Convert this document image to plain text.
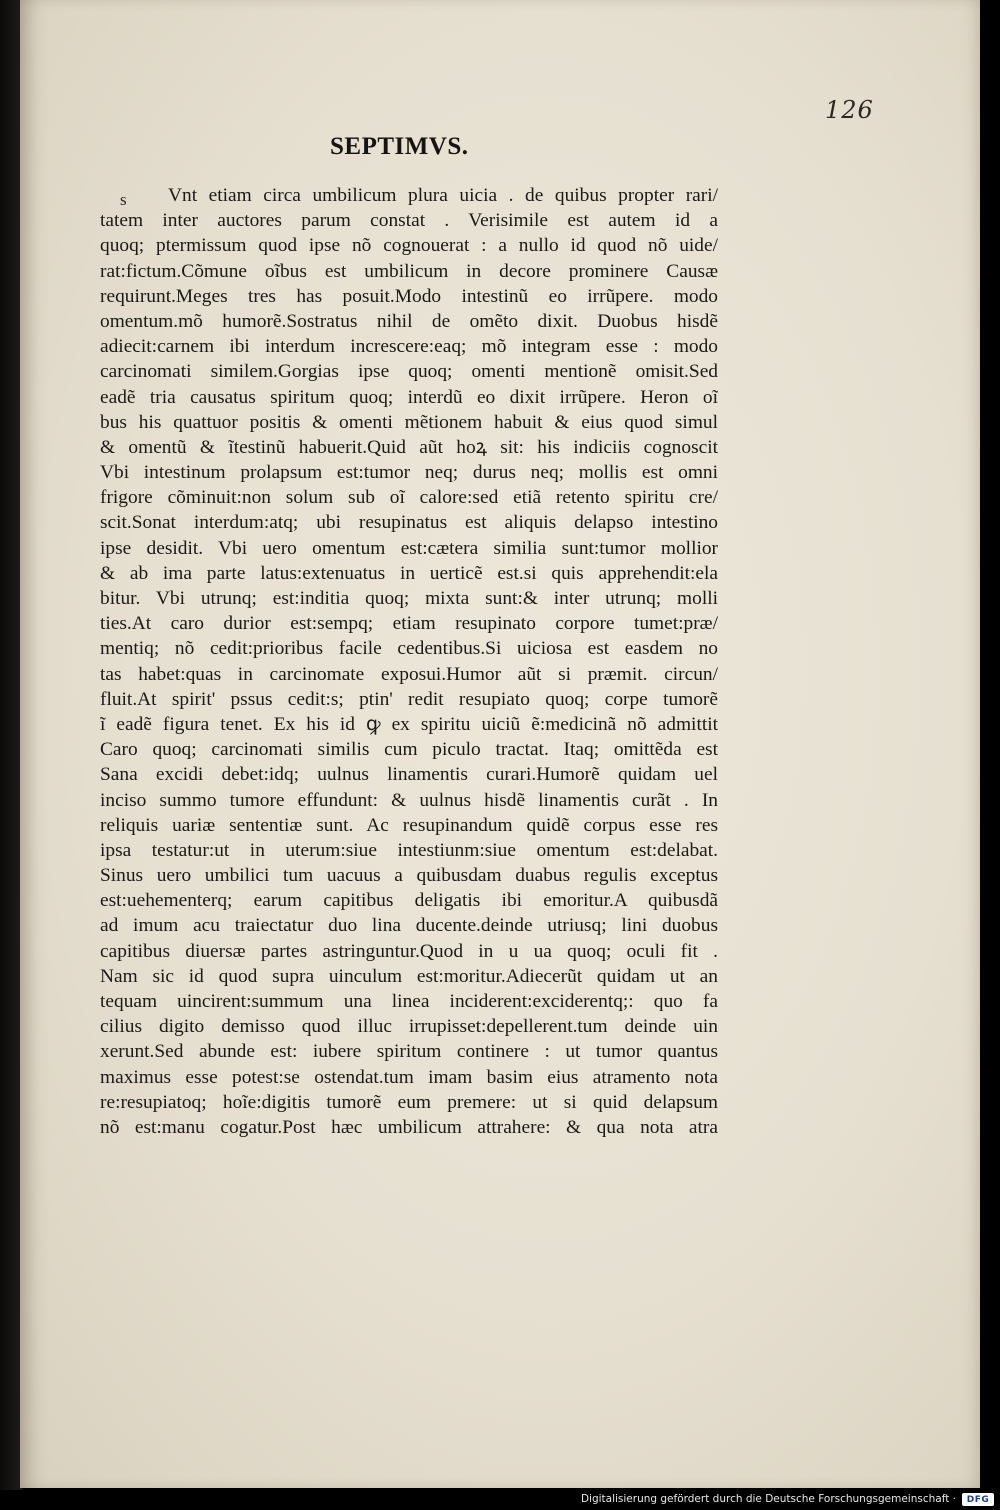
126
SEPTIMVS.
s Vnt etiam circa umbilicum plura uicia . de quibus propter rari/
tatem inter auctores parum constat . Verisimile est autem id a
quoq; ptermissum quod ipse nõ cognouerat : a nullo id quod nõ uide/
rat:fictum.Cõmune oĩbus est umbilicum in decore prominere Causæ
requirunt.Meges tres has posuit.Modo intestinũ eo irrũpere. modo
omentum.mõ humorẽ.Sostratus nihil de omẽto dixit. Duobus hisdẽ
adiecit:carnem ibi interdum increscere:eaq; mõ integram esse : modo
carcinomati similem.Gorgias ipse quoq; omenti mentionẽ omisit.Sed
eadẽ tria causatus spiritum quoq; interdũ eo dixit irrũpere. Heron oĩ
bus his quattuor positis & omenti mẽtionem habuit & eius quod simul
& omentũ & ĩtestinũ habuerit.Quid aũt hoꝝ sit: his indiciis cognoscit
Vbi intestinum prolapsum est:tumor neq; durus neq; mollis est omni
frigore cõminuit:non solum sub oĩ calore:sed etiã retento spiritu cre/
scit.Sonat interdum:atq; ubi resupinatus est aliquis delapso intestino
ipse desidit. Vbi uero omentum est:cætera similia sunt:tumor mollior
& ab ima parte latus:extenuatus in uerticẽ est.si quis apprehendit:ela
bitur. Vbi utrunq; est:inditia quoq; mixta sunt:& inter utrunq; molli
ties.At caro durior est:sempq; etiam resupinato corpore tumet:præ/
mentiq; nõ cedit:prioribus facile cedentibus.Si uiciosa est easdem no
tas habet:quas in carcinomate exposui.Humor aũt si præmit. circun/
fluit.At spirit' pssus cedit:s; ptin' redit resupiato quoq; corpe tumorẽ
ĩ eadẽ figura tenet. Ex his id ꝙ ex spiritu uiciũ ẽ:medicinã nõ admittit
Caro quoq; carcinomati similis cum piculo tractat. Itaq; omittẽda est
Sana excidi debet:idq; uulnus linamentis curari.Humorẽ quidam uel
inciso summo tumore effundunt: & uulnus hisdẽ linamentis curãt . In
reliquis uariæ sententiæ sunt. Ac resupinandum quidẽ corpus esse res
ipsa testatur:ut in uterum:siue intestiunm:siue omentum est:delabat.
Sinus uero umbilici tum uacuus a quibusdam duabus regulis exceptus
est:uehementerq; earum capitibus deligatis ibi emoritur.A quibusdã
ad imum acu traiectatur duo lina ducente.deinde utriusq; lini duobus
capitibus diuersæ partes astringuntur.Quod in u ua quoq; oculi fit .
Nam sic id quod supra uinculum est:moritur.Adiecerũt quidam ut an
tequam uincirent:summum una linea inciderent:exciderentq;: quo fa
cilius digito demisso quod illuc irrupisset:depellerent.tum deinde uin
xerunt.Sed abunde est: iubere spiritum continere : ut tumor quantus
maximus esse potest:se ostendat.tum imam basim eius atramento nota
re:resupiatoq; hoĩe:digitis tumorẽ eum premere: ut si quid delapsum
nõ est:manu cogatur.Post hæc umbilicum attrahere: & qua nota atra
Digitalisierung gefördert durch die Deutsche Forschungsgemeinschaft · DFG
